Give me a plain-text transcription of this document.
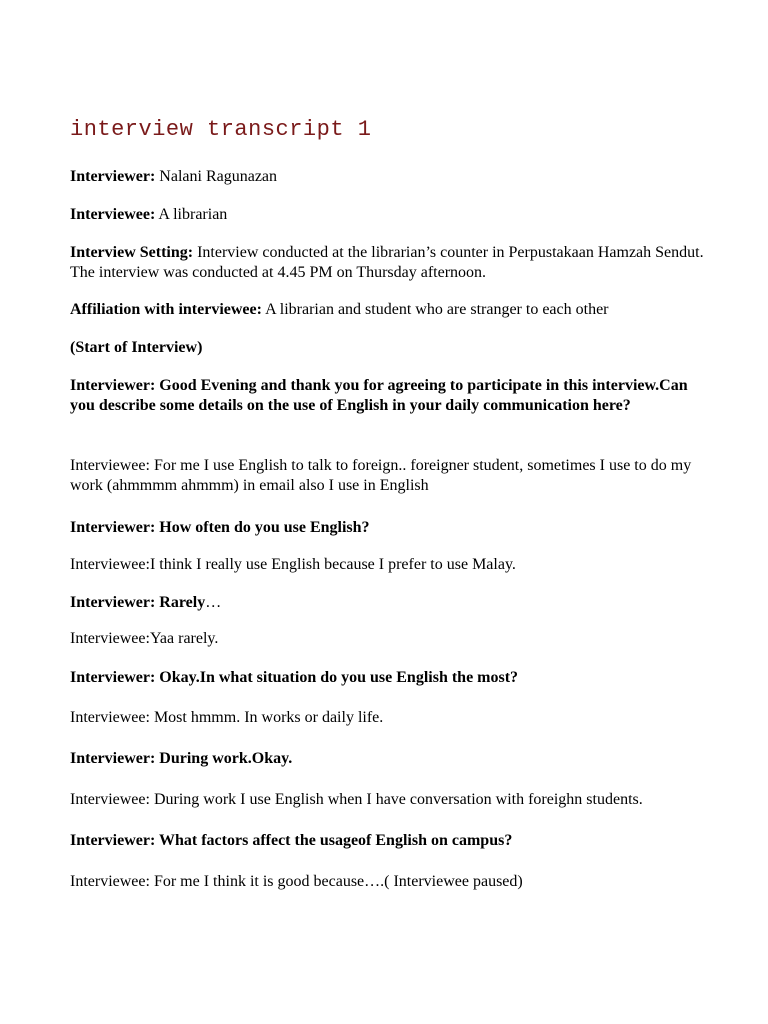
interview transcript 1

Interviewer: Nalani Ragunazan

Interviewee: A librarian

Interview Setting: Interview conducted at the librarian’s counter in Perpustakaan Hamzah Sendut. The interview was conducted at 4.45 PM on Thursday afternoon.

Affiliation with interviewee: A librarian and student who are stranger to each other

(Start of Interview)

Interviewer: Good Evening and thank you for agreeing to participate in this interview.Can you describe some details on the use of English in your daily communication here?

Interviewee: For me I use English to talk to foreign.. foreigner student, sometimes I use to do my work (ahmmmm ahmmm) in email also I use in English

Interviewer: How often do you use English?

Interviewee:I think I really use English because I prefer to use Malay.

Interviewer: Rarely…

Interviewee:Yaa rarely.

Interviewer: Okay.In what situation do you use English the most?

Interviewee: Most hmmm. In works or daily life.

Interviewer: During work.Okay.

Interviewee: During work I use English when I have conversation with foreighn students.

Interviewer: What factors affect the usageof English on campus?

Interviewee: For me I think it is good because….( Interviewee paused)
